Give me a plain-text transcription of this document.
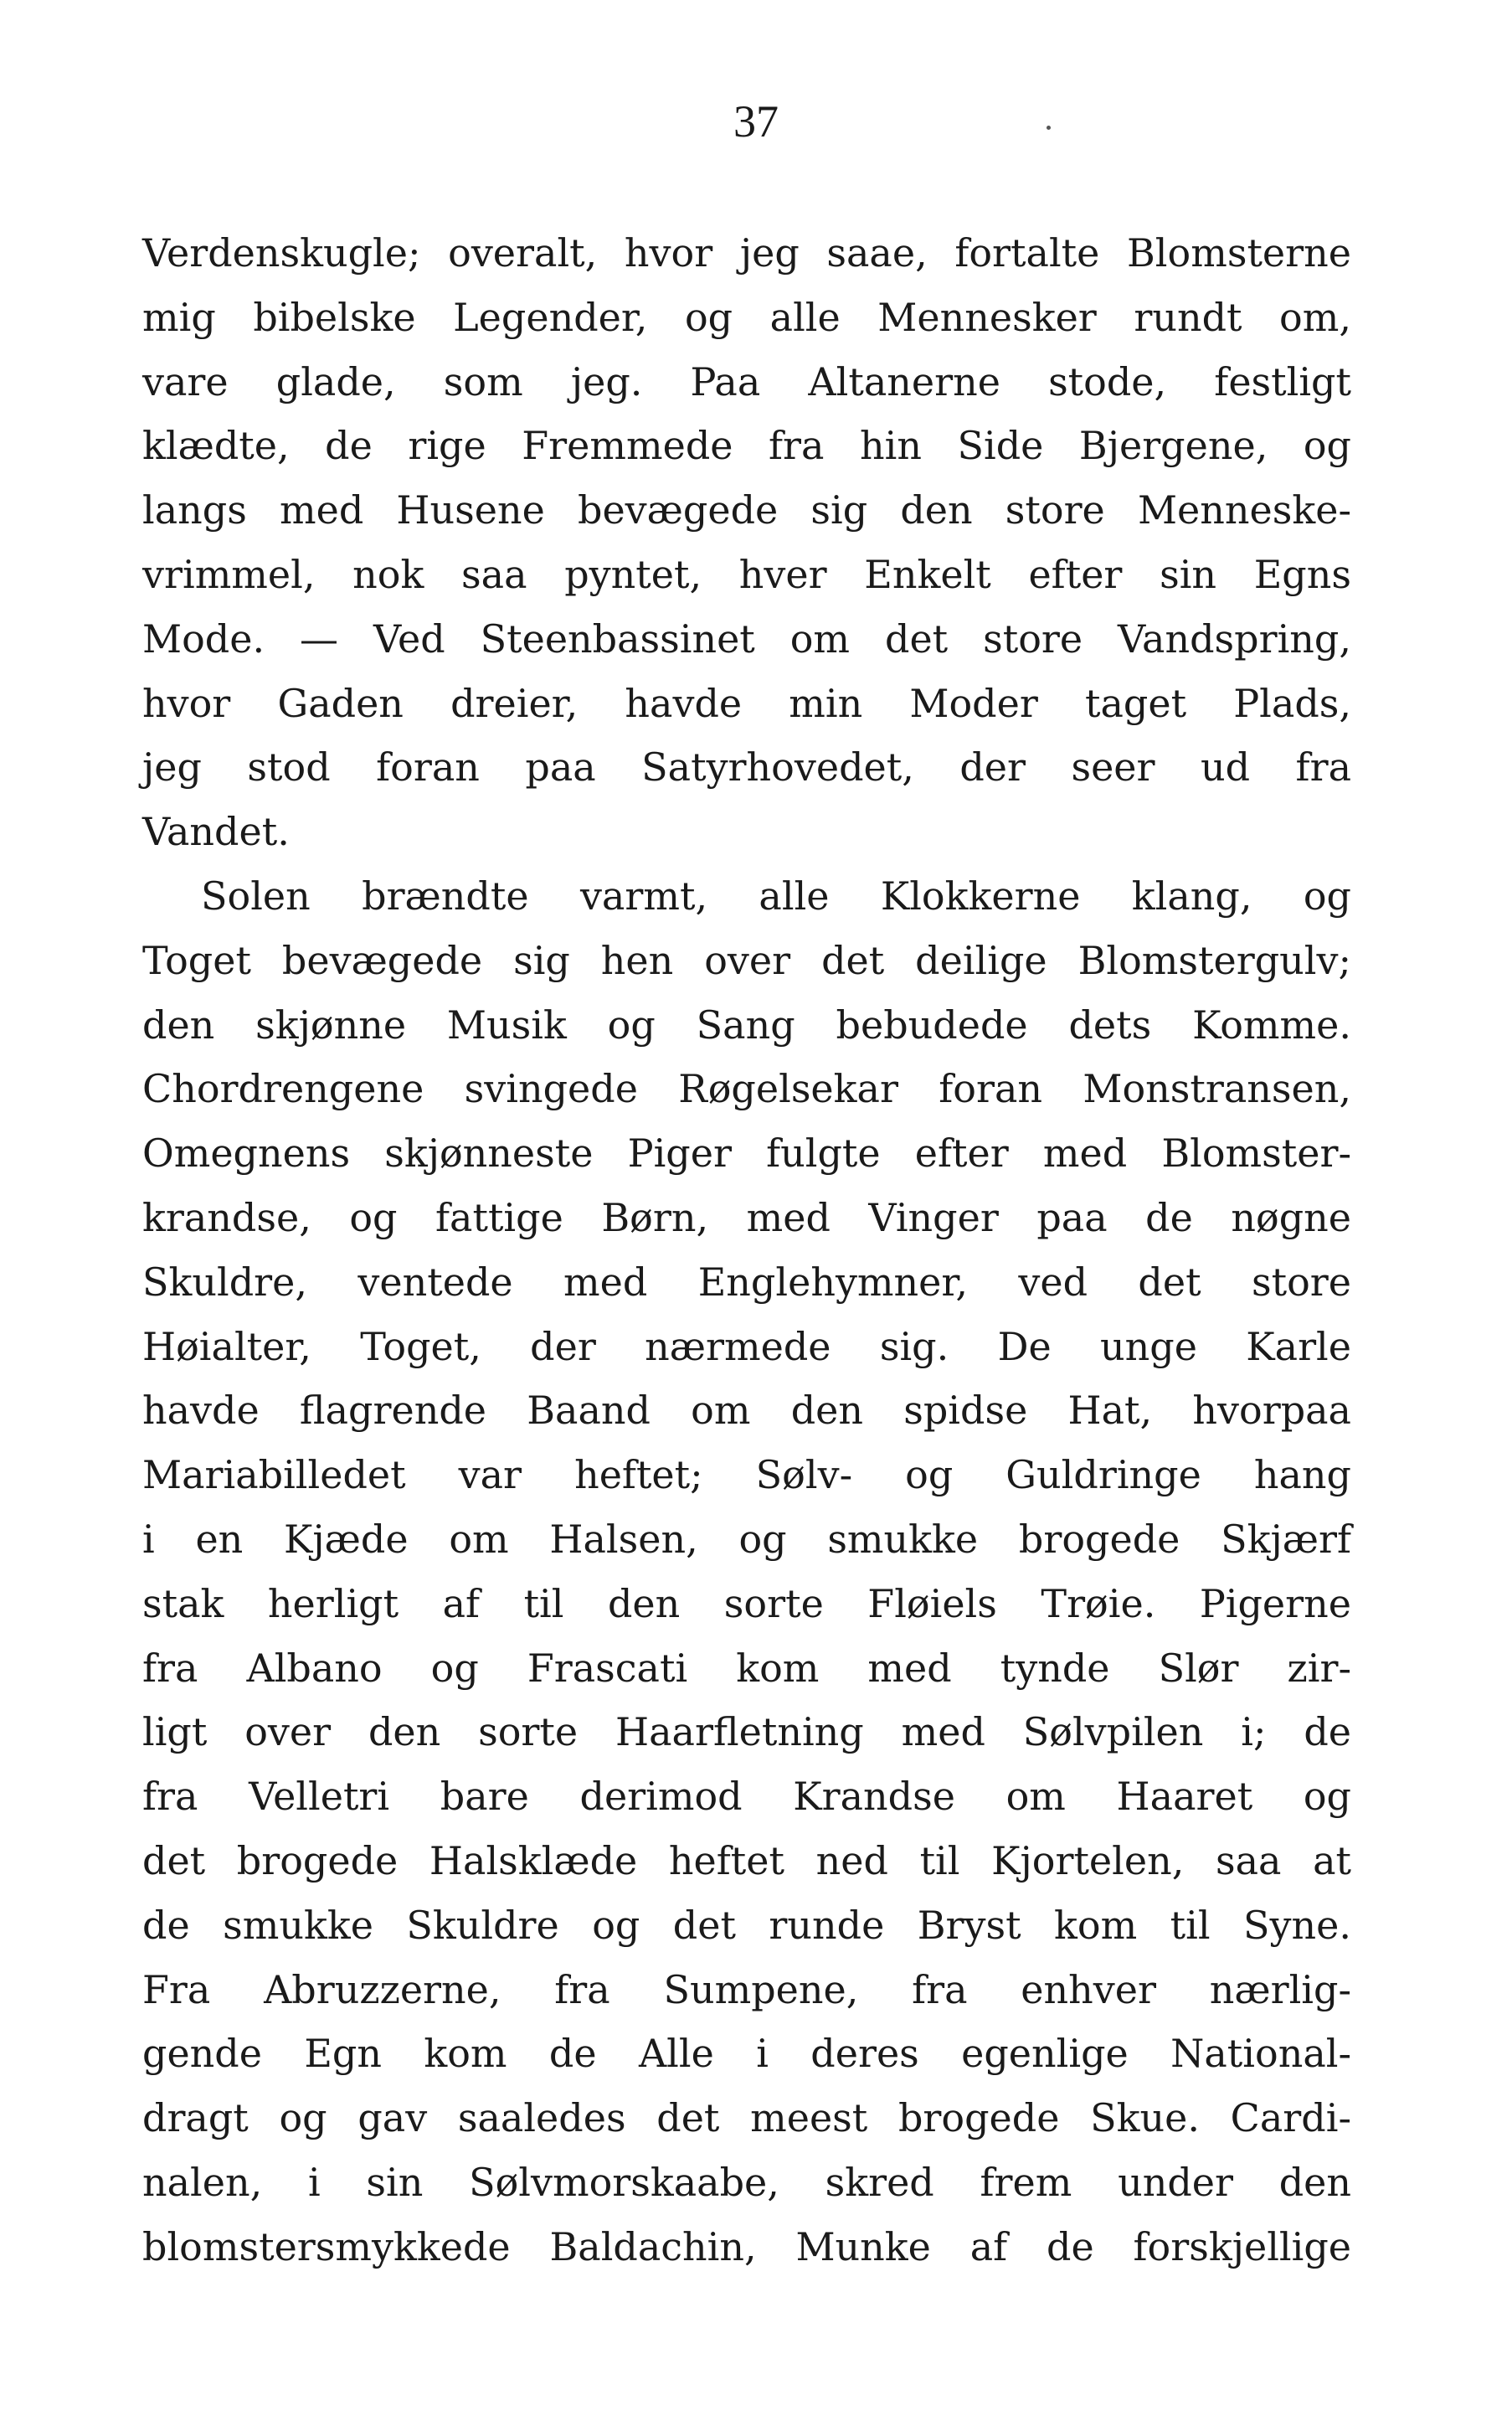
37
Verdenskugle; overalt, hvor jeg saae, fortalte Blomsterne
mig bibelske Legender, og alle Mennesker rundt om,
vare glade, som jeg. Paa Altanerne stode, festligt
klædte, de rige Fremmede fra hin Side Bjergene, og
langs med Husene bevægede sig den store Menneske-
vrimmel, nok saa pyntet, hver Enkelt efter sin Egns
Mode. — Ved Steenbassinet om det store Vandspring,
hvor Gaden dreier, havde min Moder taget Plads,
jeg stod foran paa Satyrhovedet, der seer ud fra
Vandet.
Solen brændte varmt, alle Klokkerne klang, og
Toget bevægede sig hen over det deilige Blomstergulv;
den skjønne Musik og Sang bebudede dets Komme.
Chordrengene svingede Røgelsekar foran Monstransen,
Omegnens skjønneste Piger fulgte efter med Blomster-
krandse, og fattige Børn, med Vinger paa de nøgne
Skuldre, ventede med Englehymner, ved det store
Høialter, Toget, der nærmede sig. De unge Karle
havde flagrende Baand om den spidse Hat, hvorpaa
Mariabilledet var heftet; Sølv- og Guldringe hang
i en Kjæde om Halsen, og smukke brogede Skjærf
stak herligt af til den sorte Fløiels Trøie. Pigerne
fra Albano og Frascati kom med tynde Slør zir-
ligt over den sorte Haarfletning med Sølvpilen i; de
fra Velletri bare derimod Krandse om Haaret og
det brogede Halsklæde heftet ned til Kjortelen, saa at
de smukke Skuldre og det runde Bryst kom til Syne.
Fra Abruzzerne, fra Sumpene, fra enhver nærlig-
gende Egn kom de Alle i deres egenlige National-
dragt og gav saaledes det meest brogede Skue. Cardi-
nalen, i sin Sølvmorskaabe, skred frem under den
blomstersmykkede Baldachin, Munke af de forskjellige
